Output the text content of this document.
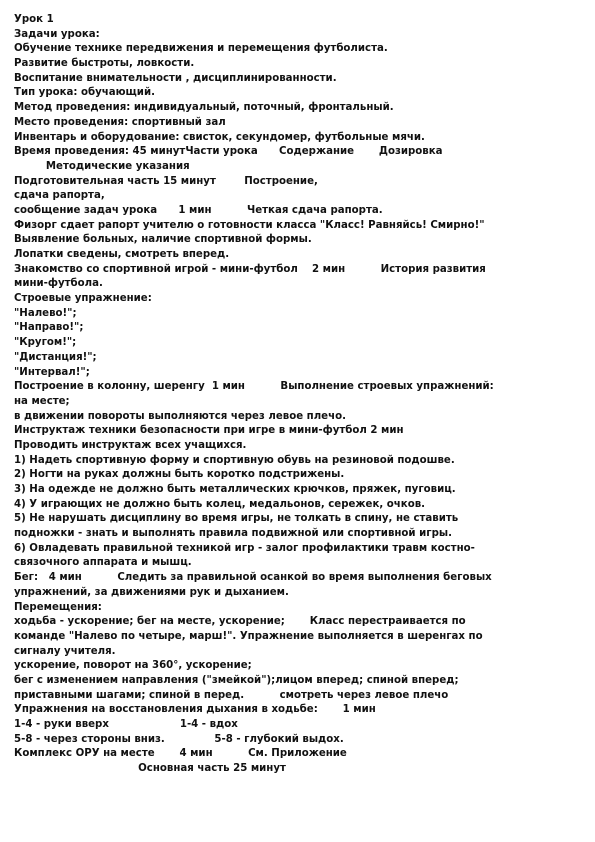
Урок 1
Задачи урока:
Обучение технике передвижения и перемещения футболиста.
Развитие быстроты, ловкости.
Воспитание внимательности , дисциплинированности.
Тип урока: обучающий.
Метод проведения: индивидуальный, поточный, фронтальный.
Место проведения: спортивный зал
Инвентарь и оборудование: свисток, секундомер, футбольные мячи.
Время проведения: 45 минутЧасти урока      Содержание       Дозировка
Методические указания
Подготовительная часть 15 минут        Построение,
сдача рапорта,
сообщение задач урока      1 мин          Четкая сдача рапорта.
Физорг сдает рапорт учителю о готовности класса "Класс! Равняйсь! Смирно!"
Выявление больных, наличие спортивной формы.
Лопатки сведены, смотреть вперед.
Знакомство со спортивной игрой - мини-футбол    2 мин          История развития
мини-футбола.
Строевые упражнение:
"Налево!";
"Направо!";
"Кругом!";
"Дистанция!";
"Интервал!";
Построение в колонну, шеренгу  1 мин          Выполнение строевых упражнений:
на месте;
в движении повороты выполняются через левое плечо.
Инструктаж техники безопасности при игре в мини-футбол 2 мин
Проводить инструктаж всех учащихся.
1) Надеть спортивную форму и спортивную обувь на резиновой подошве.
2) Ногти на руках должны быть коротко подстрижены.
3) На одежде не должно быть металлических крючков, пряжек, пуговиц.
4) У играющих не должно быть колец, медальонов, сережек, очков.
5) Не нарушать дисциплину во время игры, не толкать в спину, не ставить
подножки - знать и выполнять правила подвижной или спортивной игры.
6) Овладевать правильной техникой игр - залог профилактики травм костно-
связочного аппарата и мышц.
Бег:   4 мин          Следить за правильной осанкой во время выполнения беговых
упражнений, за движениями рук и дыханием.
Перемещения:
ходьба - ускорение; бег на месте, ускорение;       Класс перестраивается по
команде "Налево по четыре, марш!". Упражнение выполняется в шеренгах по
сигналу учителя.
ускорение, поворот на 360°, ускорение;
бег с изменением направления ("змейкой");лицом вперед; спиной вперед;
приставными шагами; спиной в перед.          смотреть через левое плечо
Упражнения на восстановления дыхания в ходьбе:       1 мин
1-4 - руки вверх                    1-4 - вдох
5-8 - через стороны вниз.              5-8 - глубокий выдох.
Комплекс ОРУ на месте       4 мин          См. Приложение
Основная часть 25 минут
